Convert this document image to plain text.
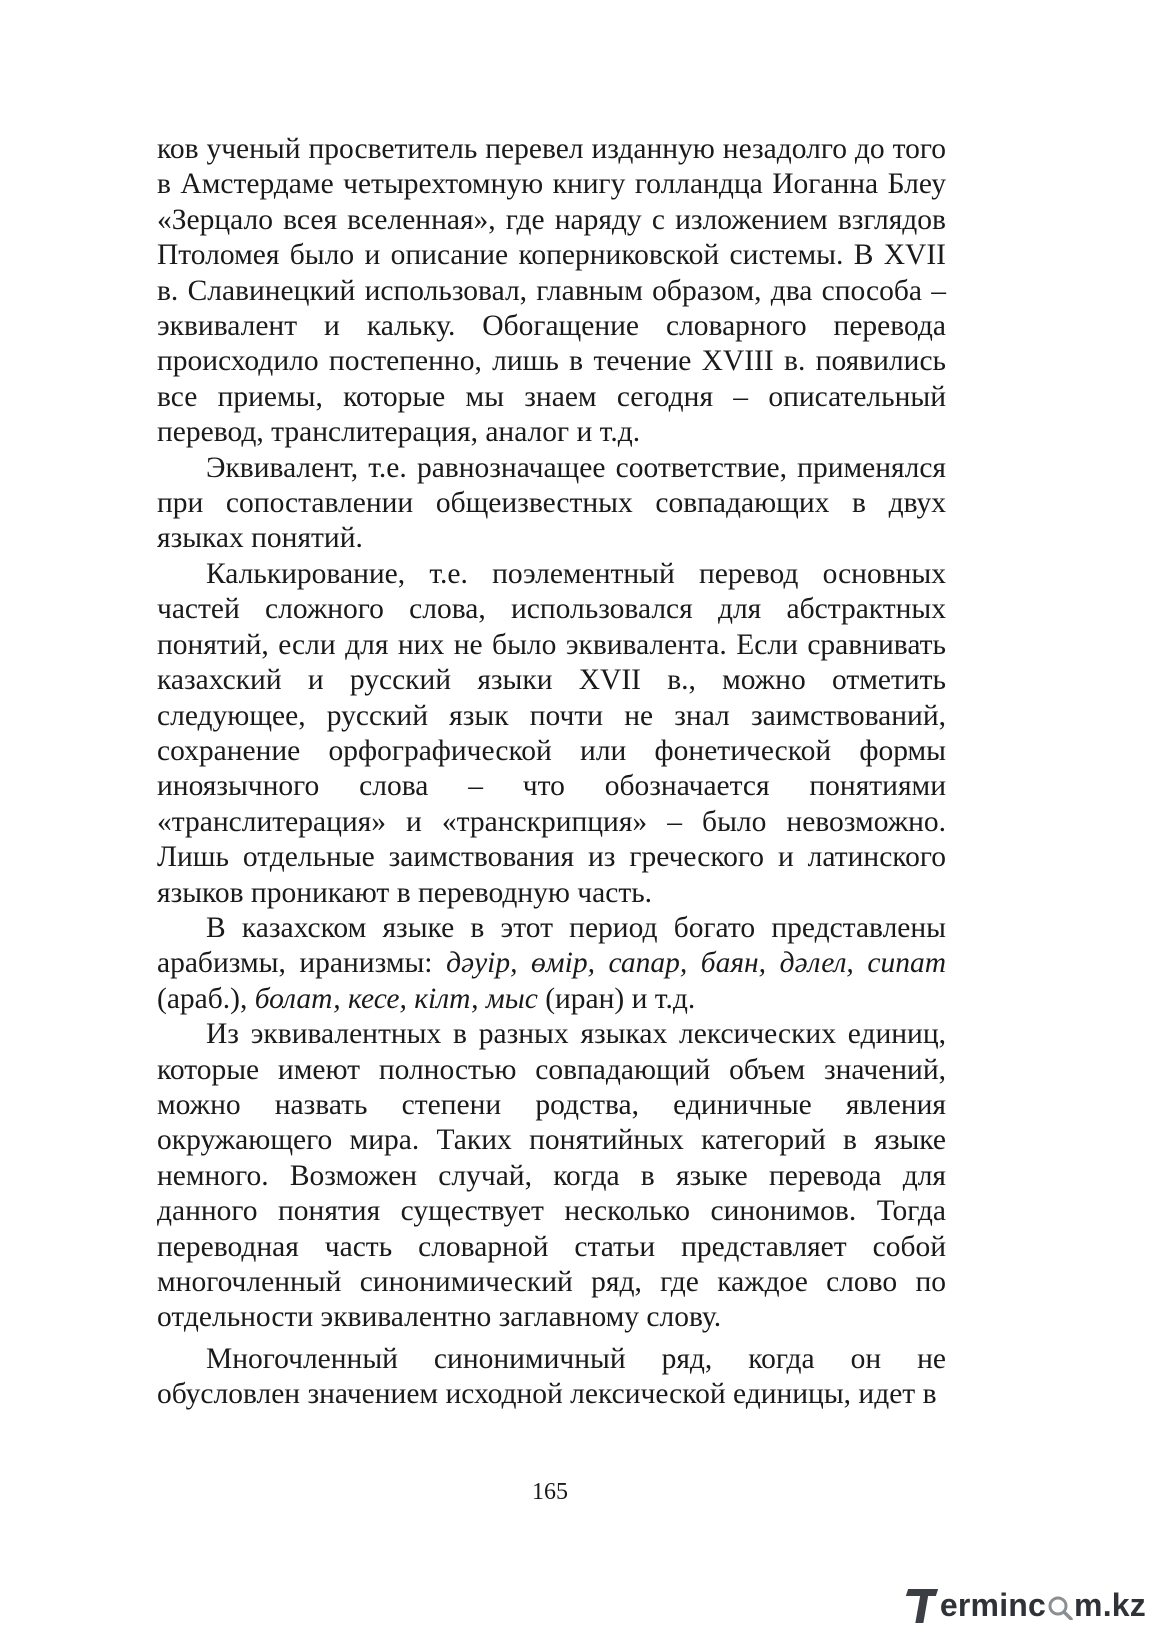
ков ученый просветитель перевел изданную незадолго до того в Амстердаме четырехтомную книгу голландца Иоганна Блеу «Зерцало всея вселенная», где наряду с изложением взглядов Птоломея было и описание коперниковской системы. В XVII в. Славинецкий использовал, главным образом, два способа – эквивалент и кальку. Обогащение словарного перевода происходило постепенно, лишь в течение XVIII в. появились все приемы, которые мы знаем сегодня – описательный перевод, транслитерация, аналог и т.д.

Эквивалент, т.е. равнозначащее соответствие, применялся при сопоставлении общеизвестных совпадающих в двух языках понятий.

Калькирование, т.е. поэлементный перевод основных частей сложного слова, использовался для абстрактных понятий, если для них не было эквивалента. Если сравнивать казахский и русский языки XVII в., можно отметить следующее, русский язык почти не знал заимствований, сохранение орфографической или фонетической формы иноязычного слова – что обозначается понятиями «транслитерация» и «транскрипция» – было невозможно. Лишь отдельные заимствования из греческого и латинского языков проникают в переводную часть.

В казахском языке в этот период богато представлены арабизмы, иранизмы: дәуір, өмір, сапар, баян, дәлел, сипат (араб.), болат, кесе, кілт, мыс (иран) и т.д.

Из эквивалентных в разных языках лексических единиц, которые имеют полностью совпадающий объем значений, можно назвать степени родства, единичные явления окружающего мира. Таких понятийных категорий в языке немного. Возможен случай, когда в языке перевода для данного понятия существует несколько синонимов. Тогда переводная часть словарной статьи представляет собой многочленный синонимический ряд, где каждое слово по отдельности эквивалентно заглавному слову.

Многочленный синонимичный ряд, когда он не обусловлен значением исходной лексической единицы, идет в

165
erminc m.kz
